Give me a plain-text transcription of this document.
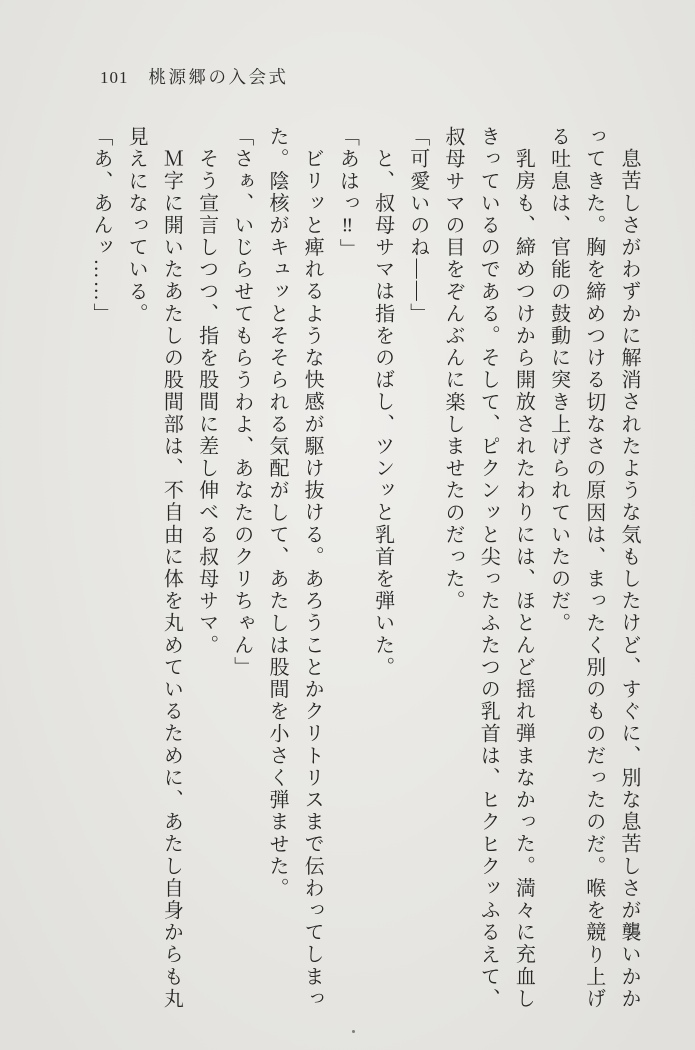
101 桃源郷の入会式

息苦しさがわずかに解消されたような気もしたけど、すぐに、別な息苦しさが襲いかか

ってきた。胸を締めつける切なさの原因は、まったく別のものだったのだ。喉を競り上げ

る吐息は、官能の鼓動に突き上げられていたのだ。

乳房も、締めつけから開放されたわりには、ほとんど揺れ弾まなかった。満々に充血し

きっているのである。そして、ピクンッと尖ったふたつの乳首は、ヒクヒクッふるえて、

叔母サマの目をぞんぶんに楽しませたのだった。

「可愛いのね——」

と、叔母サマは指をのばし、ツンッと乳首を弾いた。

「あはっ‼」

ビリッと痺れるような快感が駆け抜ける。あろうことかクリトリスまで伝わってしまっ

た。陰核がキュッとそそられる気配がして、あたしは股間を小さく弾ませた。

「さぁ、いじらせてもらうわよ、あなたのクリちゃん」

そう宣言しつつ、指を股間に差し伸べる叔母サマ。

Ｍ字に開いたあたしの股間部は、不自由に体を丸めているために、あたし自身からも丸

見えになっている。

「あ、あんッ……」
